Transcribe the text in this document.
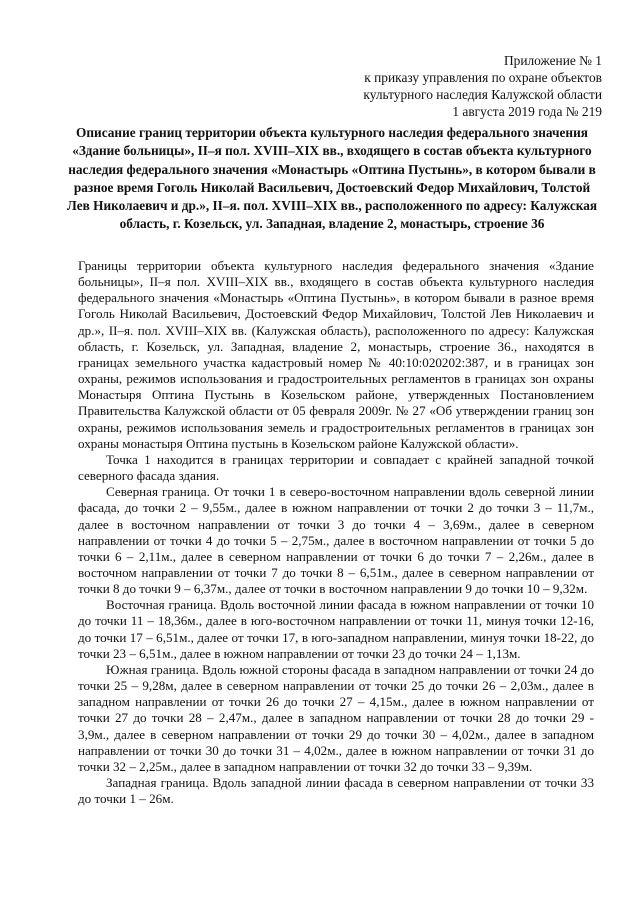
Приложение № 1
к приказу управления по охране объектов
культурного наследия Калужской области
1 августа 2019 года № 219
Описание границ территории объекта культурного наследия федерального значения «Здание больницы», II–я пол. XVIII–XIX вв., входящего в состав объекта культурного наследия федерального значения «Монастырь «Оптина Пустынь», в котором бывали в разное время Гоголь Николай Васильевич, Достоевский Федор Михайлович, Толстой Лев Николаевич и др.», II–я. пол. XVIII–XIX вв., расположенного по адресу: Калужская область, г. Козельск, ул. Западная, владение 2, монастырь, строение 36

Границы территории объекта культурного наследия федерального значения «Здание больницы», II–я пол. XVIII–XIX вв., входящего в состав объекта культурного наследия федерального значения «Монастырь «Оптина Пустынь», в котором бывали в разное время Гоголь Николай Васильевич, Достоевский Федор Михайлович, Толстой Лев Николаевич и др.», II–я. пол. XVIII–XIX вв. (Калужская область), расположенного по адресу: Калужская область, г. Козельск, ул. Западная, владение 2, монастырь, строение 36., находятся в границах земельного участка кадастровый номер № 40:10:020202:387, и в границах зон охраны, режимов использования и градостроительных регламентов в границах зон охраны Монастыря Оптина Пустынь в Козельском районе, утвержденных Постановлением Правительства Калужской области от 05 февраля 2009г. № 27 «Об утверждении границ зон охраны, режимов использования земель и градостроительных регламентов в границах зон охраны монастыря Оптина пустынь в Козельском районе Калужской области».

Точка 1 находится в границах территории и совпадает с крайней западной точкой северного фасада здания.

Северная граница. От точки 1 в северо-восточном направлении вдоль северной линии фасада, до точки 2 – 9,55м., далее в южном направлении от точки 2 до точки 3 – 11,7м., далее в восточном направлении от точки 3 до точки 4 – 3,69м., далее в северном направлении от точки 4 до точки 5 – 2,75м., далее в восточном направлении от точки 5 до точки 6 – 2,11м., далее в северном направлении от точки 6 до точки 7 – 2,26м., далее в восточном направлении от точки 7 до точки 8 – 6,51м., далее в северном направлении от точки 8 до точки 9 – 6,37м., далее от точки в восточном направлении 9 до точки 10 – 9,32м.

Восточная граница. Вдоль восточной линии фасада в южном направлении от точки 10 до точки 11 – 18,36м., далее в юго-восточном направлении от точки 11, минуя точки 12-16, до точки 17 – 6,51м., далее от точки 17, в юго-западном направлении, минуя точки 18-22, до точки 23 – 6,51м., далее в южном направлении от точки 23 до точки 24 – 1,13м.

Южная граница. Вдоль южной стороны фасада в западном направлении от точки 24 до точки 25 – 9,28м, далее в северном направлении от точки 25 до точки 26 – 2,03м., далее в западном направлении от точки 26 до точки 27 – 4,15м., далее в южном направлении от точки 27 до точки 28 – 2,47м., далее в западном направлении от точки 28 до точки 29 - 3,9м., далее в северном направлении от точки 29 до точки 30 – 4,02м., далее в западном направлении от точки 30 до точки 31 – 4,02м., далее в южном направлении от точки 31 до точки 32 – 2,25м., далее в западном направлении от точки 32 до точки 33 – 9,39м.

Западная граница. Вдоль западной линии фасада в северном направлении от точки 33 до точки 1 – 26м.
